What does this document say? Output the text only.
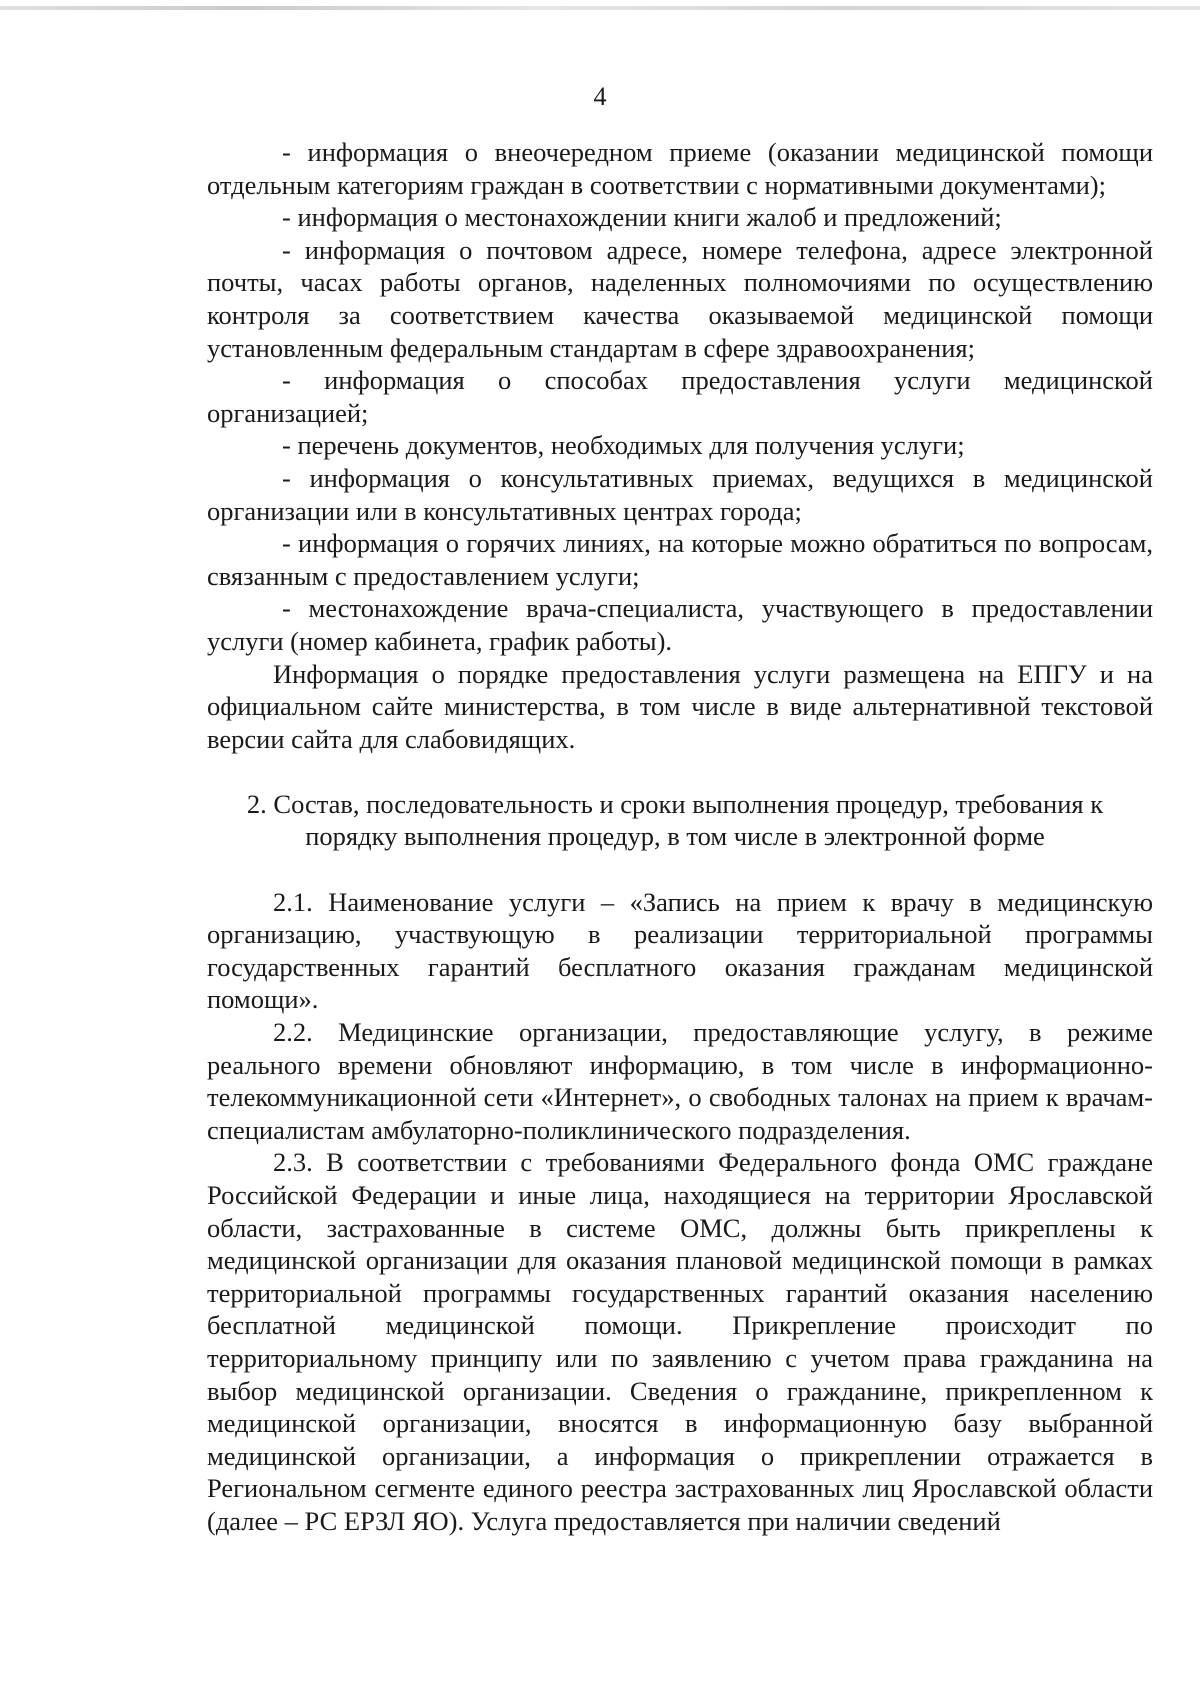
4

- информация о внеочередном приеме (оказании медицинской помощи отдельным категориям граждан в соответствии с нормативными документами);

- информация о местонахождении книги жалоб и предложений;

- информация о почтовом адресе, номере телефона, адресе электронной почты, часах работы органов, наделенных полномочиями по осуществлению контроля за соответствием качества оказываемой медицинской помощи установленным федеральным стандартам в сфере здравоохранения;

- информация о способах предоставления услуги медицинской организацией;

- перечень документов, необходимых для получения услуги;

- информация о консультативных приемах, ведущихся в медицинской организации или в консультативных центрах города;

- информация о горячих линиях, на которые можно обратиться по вопросам, связанным с предоставлением услуги;

- местонахождение врача-специалиста, участвующего в предоставлении услуги (номер кабинета, график работы).

Информация о порядке предоставления услуги размещена на ЕПГУ и на официальном сайте министерства, в том числе в виде альтернативной текстовой версии сайта для слабовидящих.

2. Состав, последовательность и сроки выполнения процедур, требования к порядку выполнения процедур, в том числе в электронной форме

2.1. Наименование услуги – «Запись на прием к врачу в медицинскую организацию, участвующую в реализации территориальной программы государственных гарантий бесплатного оказания гражданам медицинской помощи».

2.2. Медицинские организации, предоставляющие услугу, в режиме реального времени обновляют информацию, в том числе в информационно-телекоммуникационной сети «Интернет», о свободных талонах на прием к врачам-специалистам амбулаторно-поликлинического подразделения.

2.3. В соответствии с требованиями Федерального фонда ОМС граждане Российской Федерации и иные лица, находящиеся на территории Ярославской области, застрахованные в системе ОМС, должны быть прикреплены к медицинской организации для оказания плановой медицинской помощи в рамках территориальной программы государственных гарантий оказания населению бесплатной медицинской помощи. Прикрепление происходит по территориальному принципу или по заявлению с учетом права гражданина на выбор медицинской организации. Сведения о гражданине, прикрепленном к медицинской организации, вносятся в информационную базу выбранной медицинской организации, а информация о прикреплении отражается в Региональном сегменте единого реестра застрахованных лиц Ярославской области (далее – РС ЕРЗЛ ЯО). Услуга предоставляется при наличии сведений
